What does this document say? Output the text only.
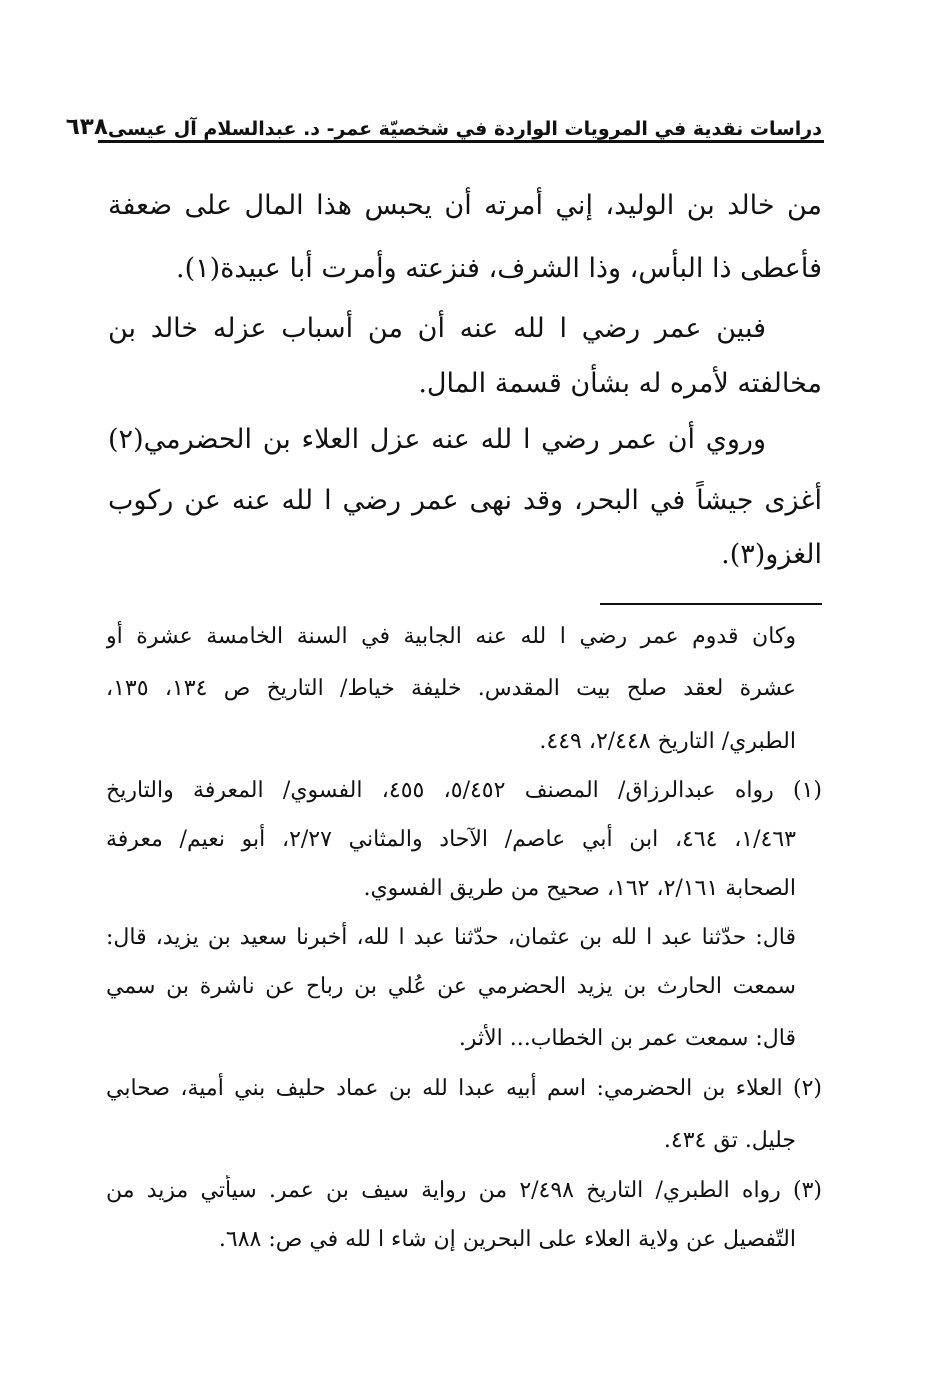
دراسات نقدية في المرويات الواردة في شخصيّة عمر- د. عبدالسلام آل عيسى
٦٣٨
من خالد بن الوليد، إني أمرته أن يحبس هذا المال على ضعفة
فأعطى ذا البأس، وذا الشرف، فنزعته وأمرت أبا عبيدة(١).
فبين عمر رضي ا لله عنه أن من أسباب عزله خالد بن
مخالفته لأمره له بشأن قسمة المال.
وروي أن عمر رضي ا لله عنه عزل العلاء بن الحضرمي(٢)
أغزى جيشاً في البحر، وقد نهى عمر رضي ا لله عنه عن ركوب
الغزو(٣).
وكان قدوم عمر رضي ا لله عنه الجابية في السنة الخامسة عشرة أو
عشرة لعقد صلح بيت المقدس. خليفة خياط/ التاريخ ص ١٣٤، ١٣٥،
الطبري/ التاريخ ٢/٤٤٨، ٤٤٩.
(١) رواه عبدالرزاق/ المصنف ٥/٤٥٢، ٤٥٥، الفسوي/ المعرفة والتاريخ
١/٤٦٣، ٤٦٤، ابن أبي عاصم/ الآحاد والمثاني ٢/٢٧، أبو نعيم/ معرفة
الصحابة ٢/١٦١، ١٦٢، صحيح من طريق الفسوي.
قال: حدّثنا عبد ا لله بن عثمان، حدّثنا عبد ا لله، أخبرنا سعيد بن يزيد، قال:
سمعت الحارث بن يزيد الحضرمي عن عُلي بن رباح عن ناشرة بن سمي
قال: سمعت عمر بن الخطاب... الأثر.
(٢) العلاء بن الحضرمي: اسم أبيه عبدا لله بن عماد حليف بني أمية، صحابي
جليل. تق ٤٣٤.
(٣) رواه الطبري/ التاريخ ٢/٤٩٨ من رواية سيف بن عمر. سيأتي مزيد من
التّفصيل عن ولاية العلاء على البحرين إن شاء ا لله في ص: ٦٨٨.
